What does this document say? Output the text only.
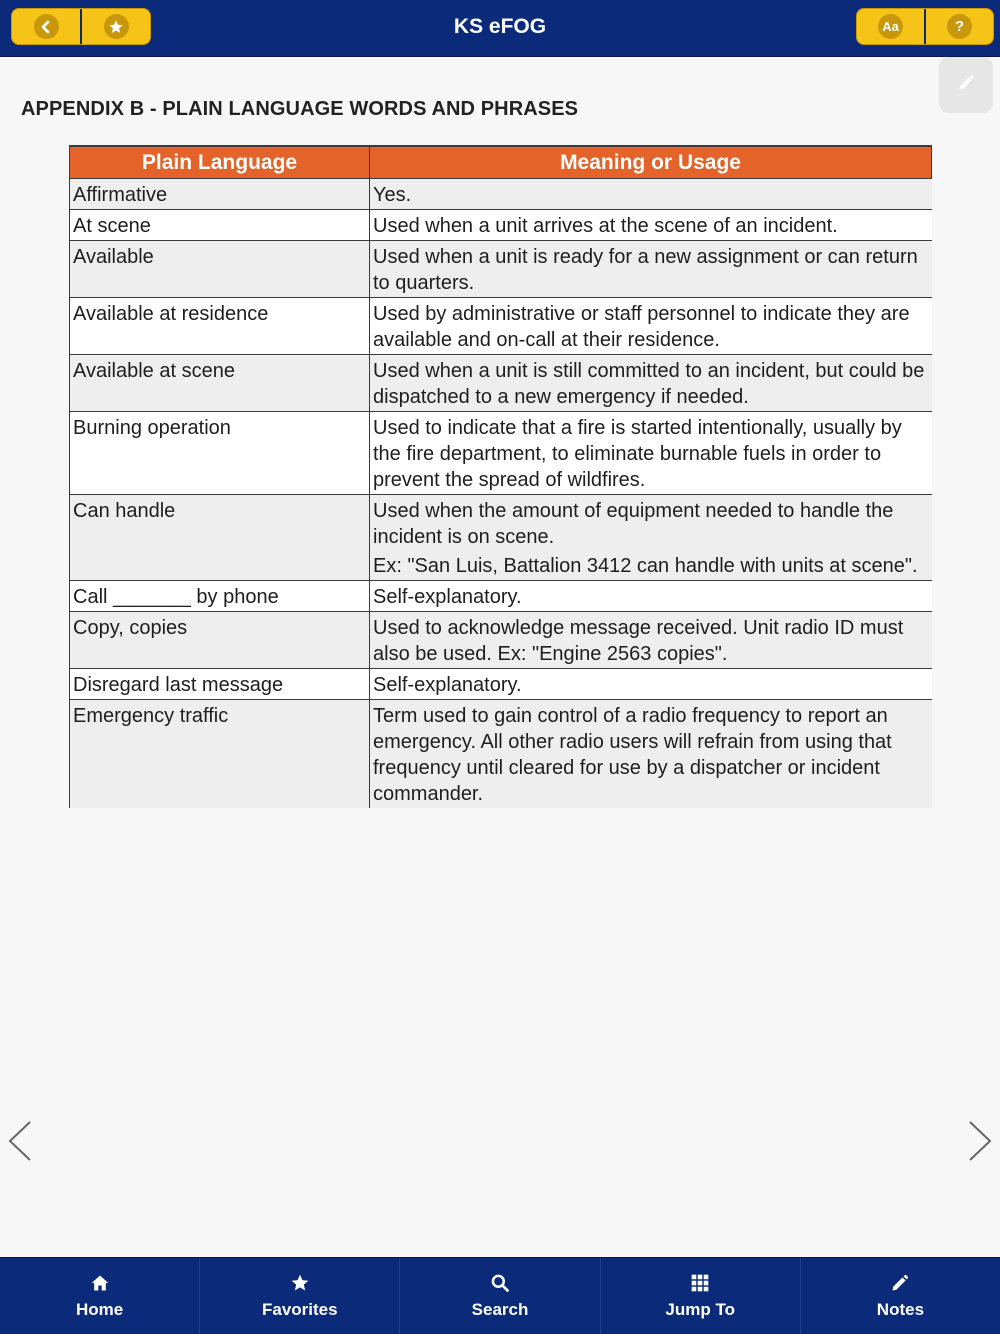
KS eFOG	Aa	?
APPENDIX B - PLAIN LANGUAGE WORDS AND PHRASES
Plain Language	Meaning or Usage
Affirmative	Yes.
At scene	Used when a unit arrives at the scene of an incident.
Available	Used when a unit is ready for a new assignment or can return to quarters.
Available at residence	Used by administrative or staff personnel to indicate they are available and on-call at their residence.
Available at scene	Used when a unit is still committed to an incident, but could be dispatched to a new emergency if needed.
Burning operation	Used to indicate that a fire is started intentionally, usually by the fire department, to eliminate burnable fuels in order to prevent the spread of wildfires.
Can handle	Used when the amount of equipment needed to handle the incident is on scene.
Ex: "San Luis, Battalion 3412 can handle with units at scene".

Call _______ by phone	Self-explanatory.
Copy, copies	Used to acknowledge message received. Unit radio ID must also be used. Ex: "Engine 2563 copies".
Disregard last message	Self-explanatory.
Emergency traffic	Term used to gain control of a radio frequency to report an emergency. All other radio users will refrain from using that frequency until cleared for use by a dispatcher or incident commander.
Home	Favorites	Search	Jump To	Notes
